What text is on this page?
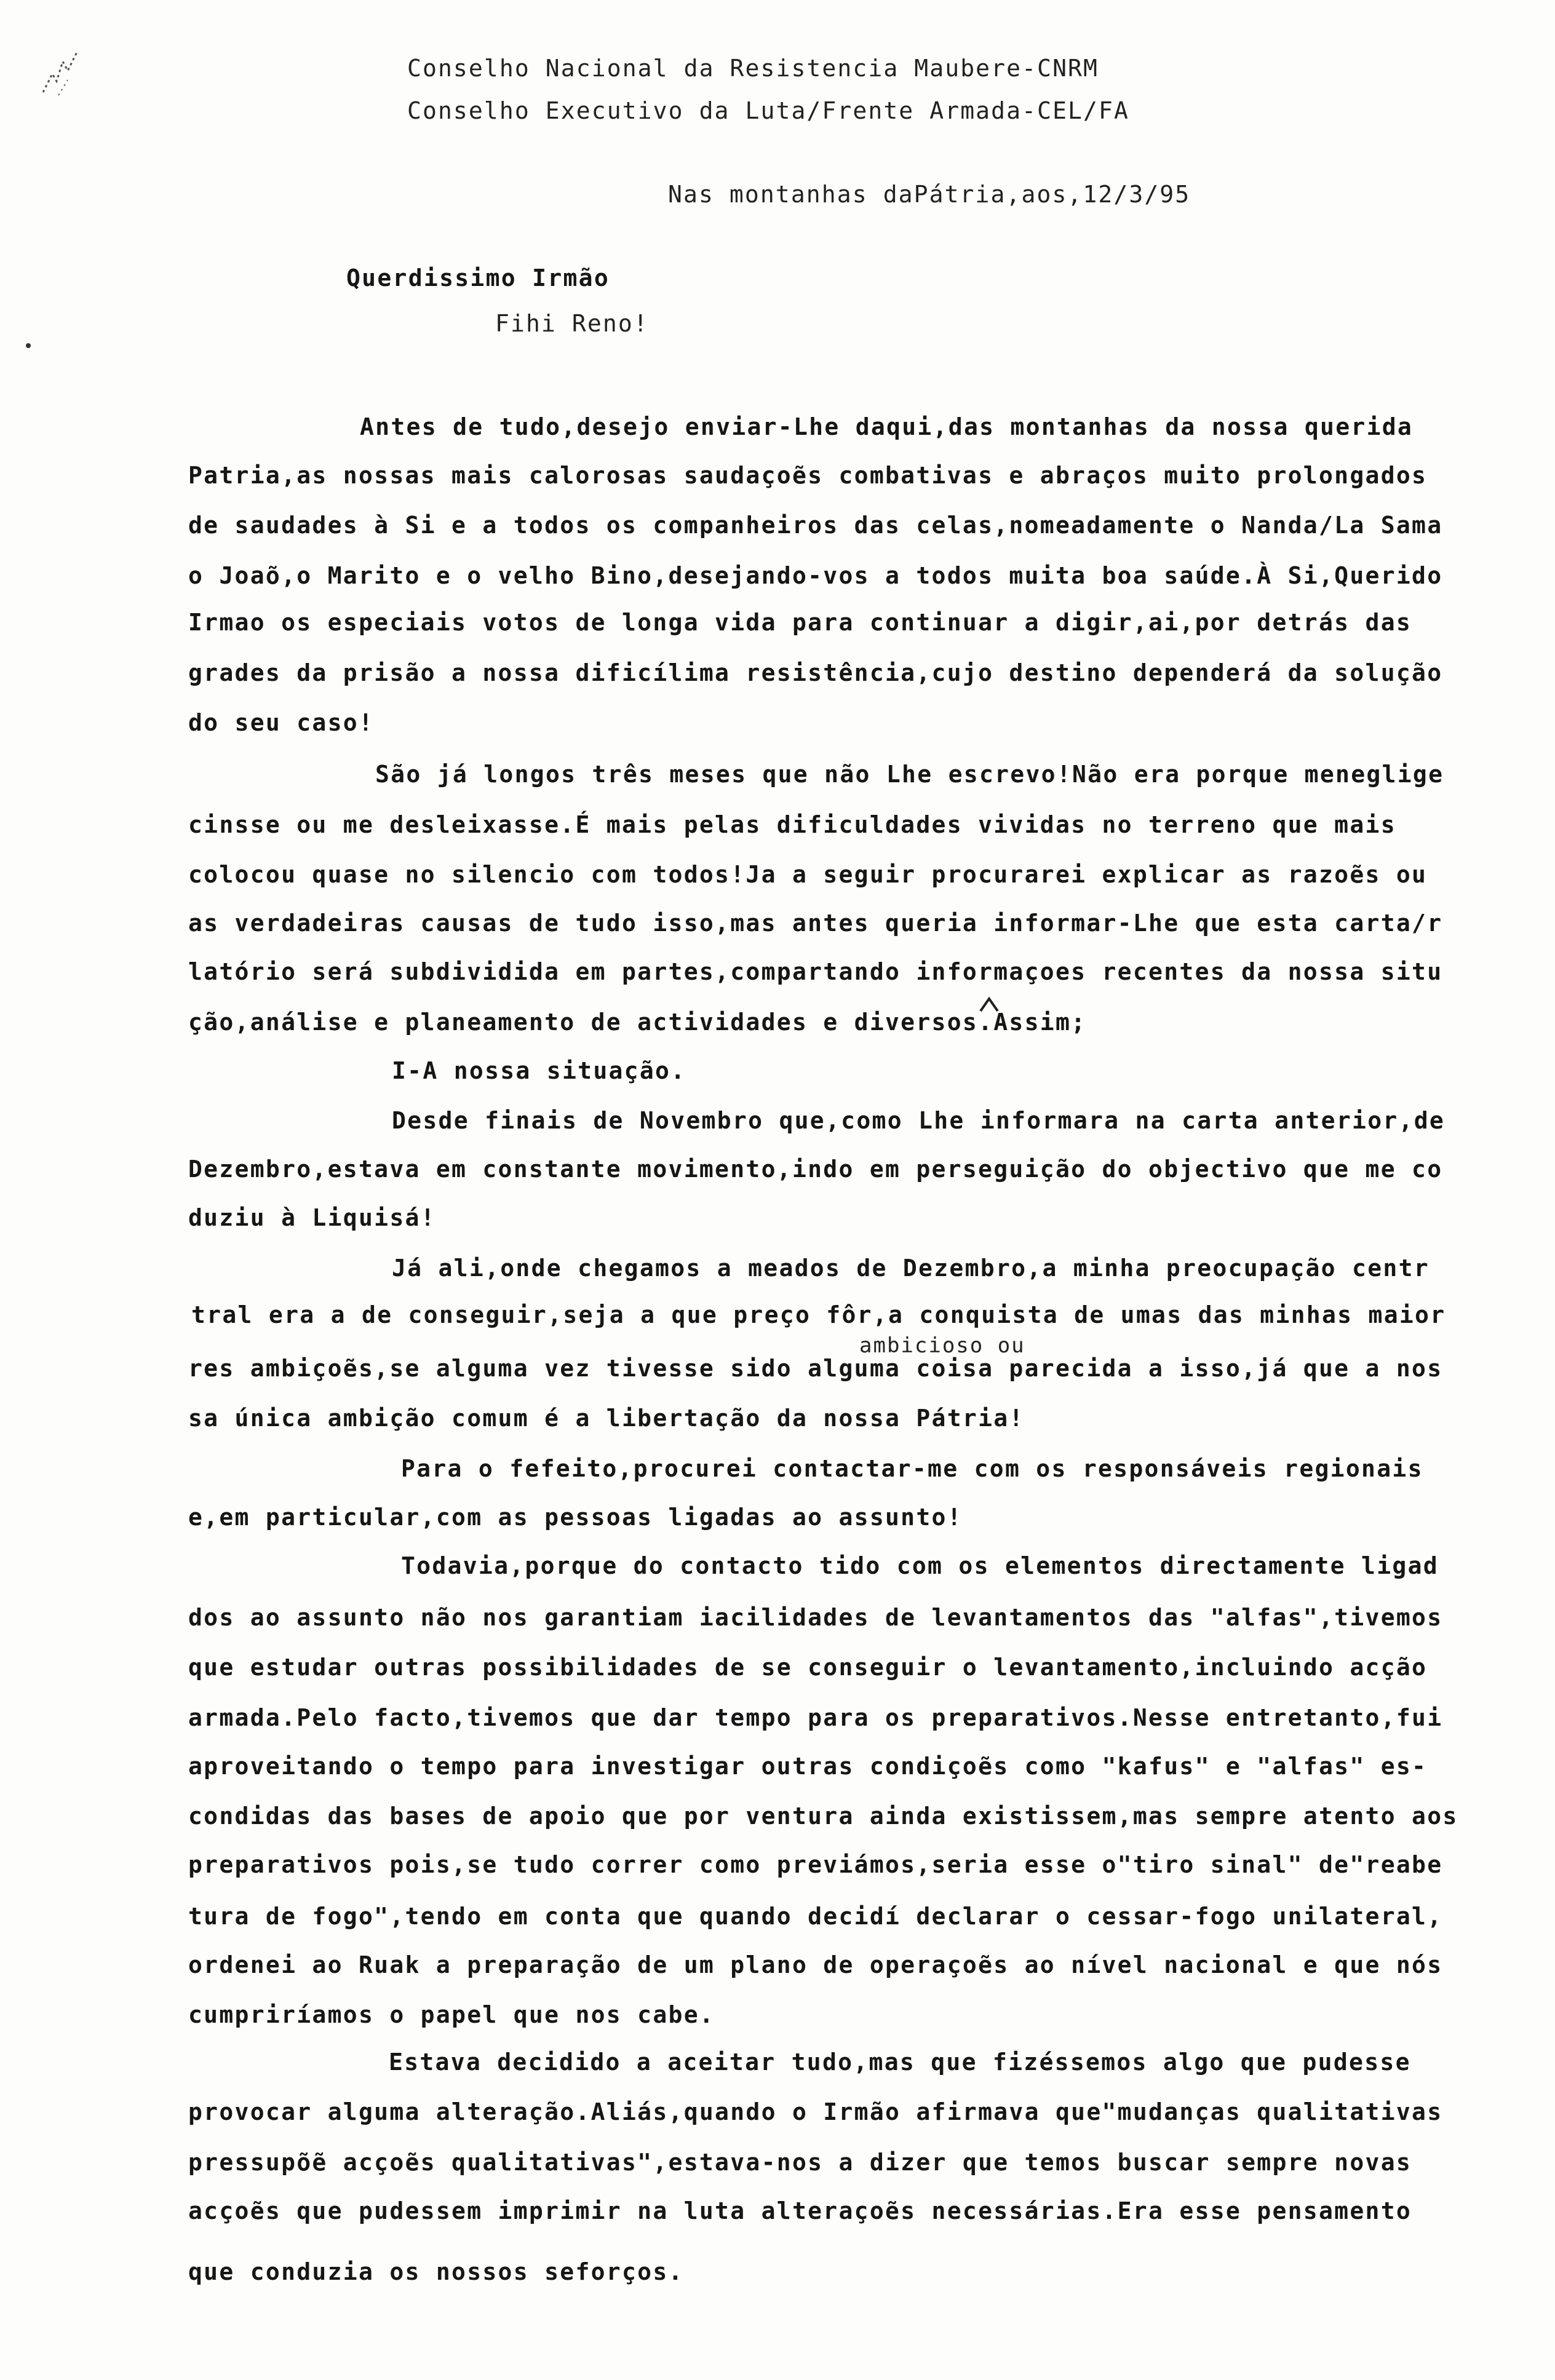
Conselho Nacional da Resistencia Maubere-CNRM
Conselho Executivo da Luta/Frente Armada-CEL/FA
Nas montanhas daPátria,aos,12/3/95
Querdissimo Irmão
Fihi Reno!
Antes de tudo,desejo enviar-Lhe daqui,das montanhas da nossa querida
Patria,as nossas mais calorosas saudaçoẽs combativas e abraços muito prolongados
de saudades à Si e a todos os companheiros das celas,nomeadamente o Nanda/La Sama
o Joaõ,o Marito e o velho Bino,desejando-vos a todos muita boa saúde.À Si,Querido
Irmao os especiais votos de longa vida para continuar a digir,ai,por detrás das
grades da prisão a nossa dificílima resistência,cujo destino dependerá da solução
do seu caso!
São já longos três meses que não Lhe escrevo!Não era porque meneglige
cinsse ou me desleixasse.É mais pelas dificuldades vividas no terreno que mais
colocou quase no silencio com todos!Ja a seguir procurarei explicar as razoẽs ou
as verdadeiras causas de tudo isso,mas antes queria informar-Lhe que esta carta/r
latório será subdividida em partes,compartando informaçoes recentes da nossa situ
ção,análise e planeamento de actividades e diversos.Assim;
I-A nossa situação.
Desde finais de Novembro que,como Lhe informara na carta anterior,de
Dezembro,estava em constante movimento,indo em perseguição do objectivo que me co
duziu à Liquisá!
Já ali,onde chegamos a meados de Dezembro,a minha preocupação centr
tral era a de conseguir,seja a que preço fôr,a conquista de umas das minhas maior
ambicioso ou
res ambiçoẽs,se alguma vez tivesse sido alguma coisa parecida a isso,já que a nos
sa única ambição comum é a libertação da nossa Pátria!
Para o fefeito,procurei contactar-me com os responsáveis regionais
e,em particular,com as pessoas ligadas ao assunto!
Todavia,porque do contacto tido com os elementos directamente ligad
dos ao assunto não nos garantiam iacilidades de levantamentos das "alfas",tivemos
que estudar outras possibilidades de se conseguir o levantamento,incluindo acção
armada.Pelo facto,tivemos que dar tempo para os preparativos.Nesse entretanto,fui
aproveitando o tempo para investigar outras condiçoẽs como "kafus" e "alfas" es-
condidas das bases de apoio que por ventura ainda existissem,mas sempre atento aos
preparativos pois,se tudo correr como previámos,seria esse o"tiro sinal" de"reabe
tura de fogo",tendo em conta que quando decidí declarar o cessar-fogo unilateral,
ordenei ao Ruak a preparação de um plano de operaçoẽs ao nível nacional e que nós
cumpriríamos o papel que nos cabe.
Estava decidido a aceitar tudo,mas que fizéssemos algo que pudesse
provocar alguma alteração.Aliás,quando o Irmão afirmava que"mudanças qualitativas
pressupõẽ acçoẽs qualitativas",estava-nos a dizer que temos buscar sempre novas
acçoẽs que pudessem imprimir na luta alteraçoẽs necessárias.Era esse pensamento
que conduzia os nossos seforços.
